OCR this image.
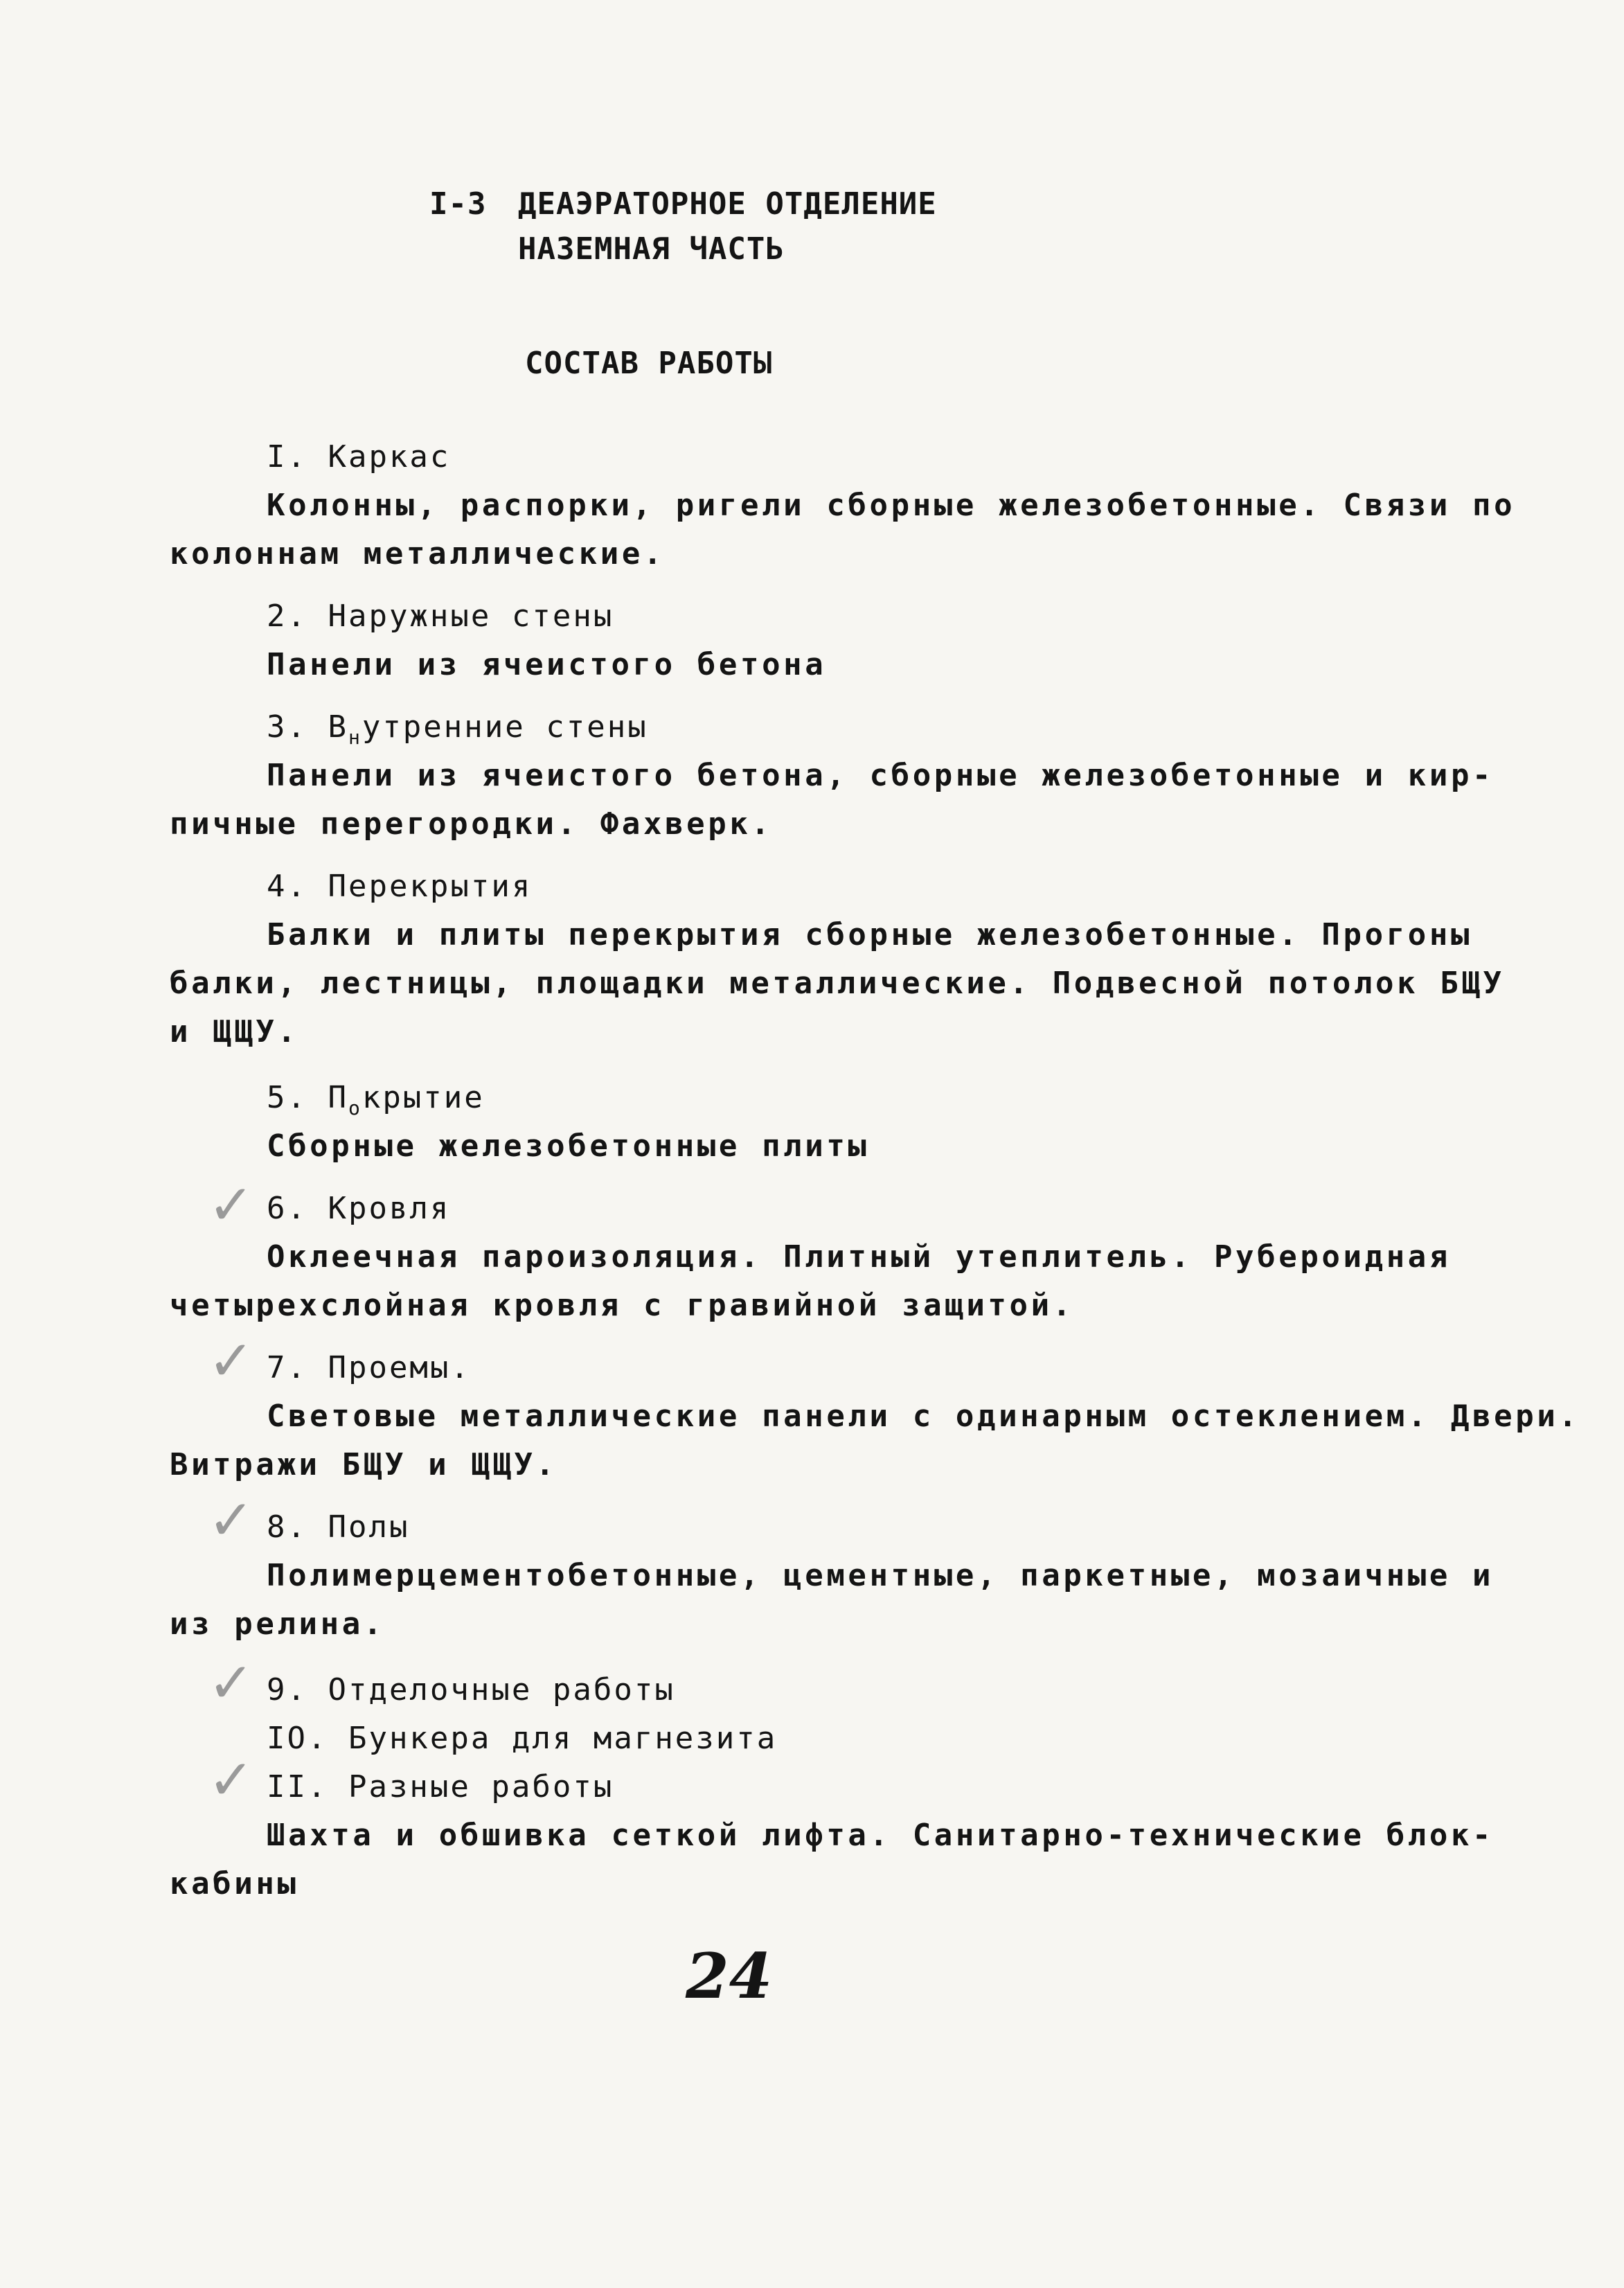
I-3 ДЕАЭРАТОРНОЕ ОТДЕЛЕНИЕ
НАЗЕМНАЯ ЧАСТЬ
СОСТАВ РАБОТЫ
I. Каркас
Колонны, распорки, ригели сборные железобетонные. Связи по
колоннам металлические.
2. Наружные стены
Панели из ячеистого бетона
3. $В_нутренние$ стены
Панели из ячеистого бетона, сборные железобетонные и кир-
пичные перегородки. Фахверк.
4. Перекрытия
Балки и плиты перекрытия сборные железобетонные. Прогоны
балки, лестницы, площадки металлические. Подвесной потолок БЩУ
и ЩЩУ.
5. $П_окрытие$
Сборные железобетонные плиты
✓ 6. Кровля
Оклеечная пароизоляция. Плитный утеплитель. Рубероидная
четырехслойная кровля с гравийной защитой.
✓ 7. Проемы.
Световые металлические панели с одинарным остеклением. Двери.
Витражи БЩУ и ЩЩУ.
✓ 8. Полы
Полимерцементобетонные, цементные, паркетные, мозаичные и
из релина.
✓ 9. Отделочные работы
IO. Бункера для магнезита
✓ II. Разные работы
Шахта и обшивка сеткой лифта. Санитарно-технические блок-
кабины
24
